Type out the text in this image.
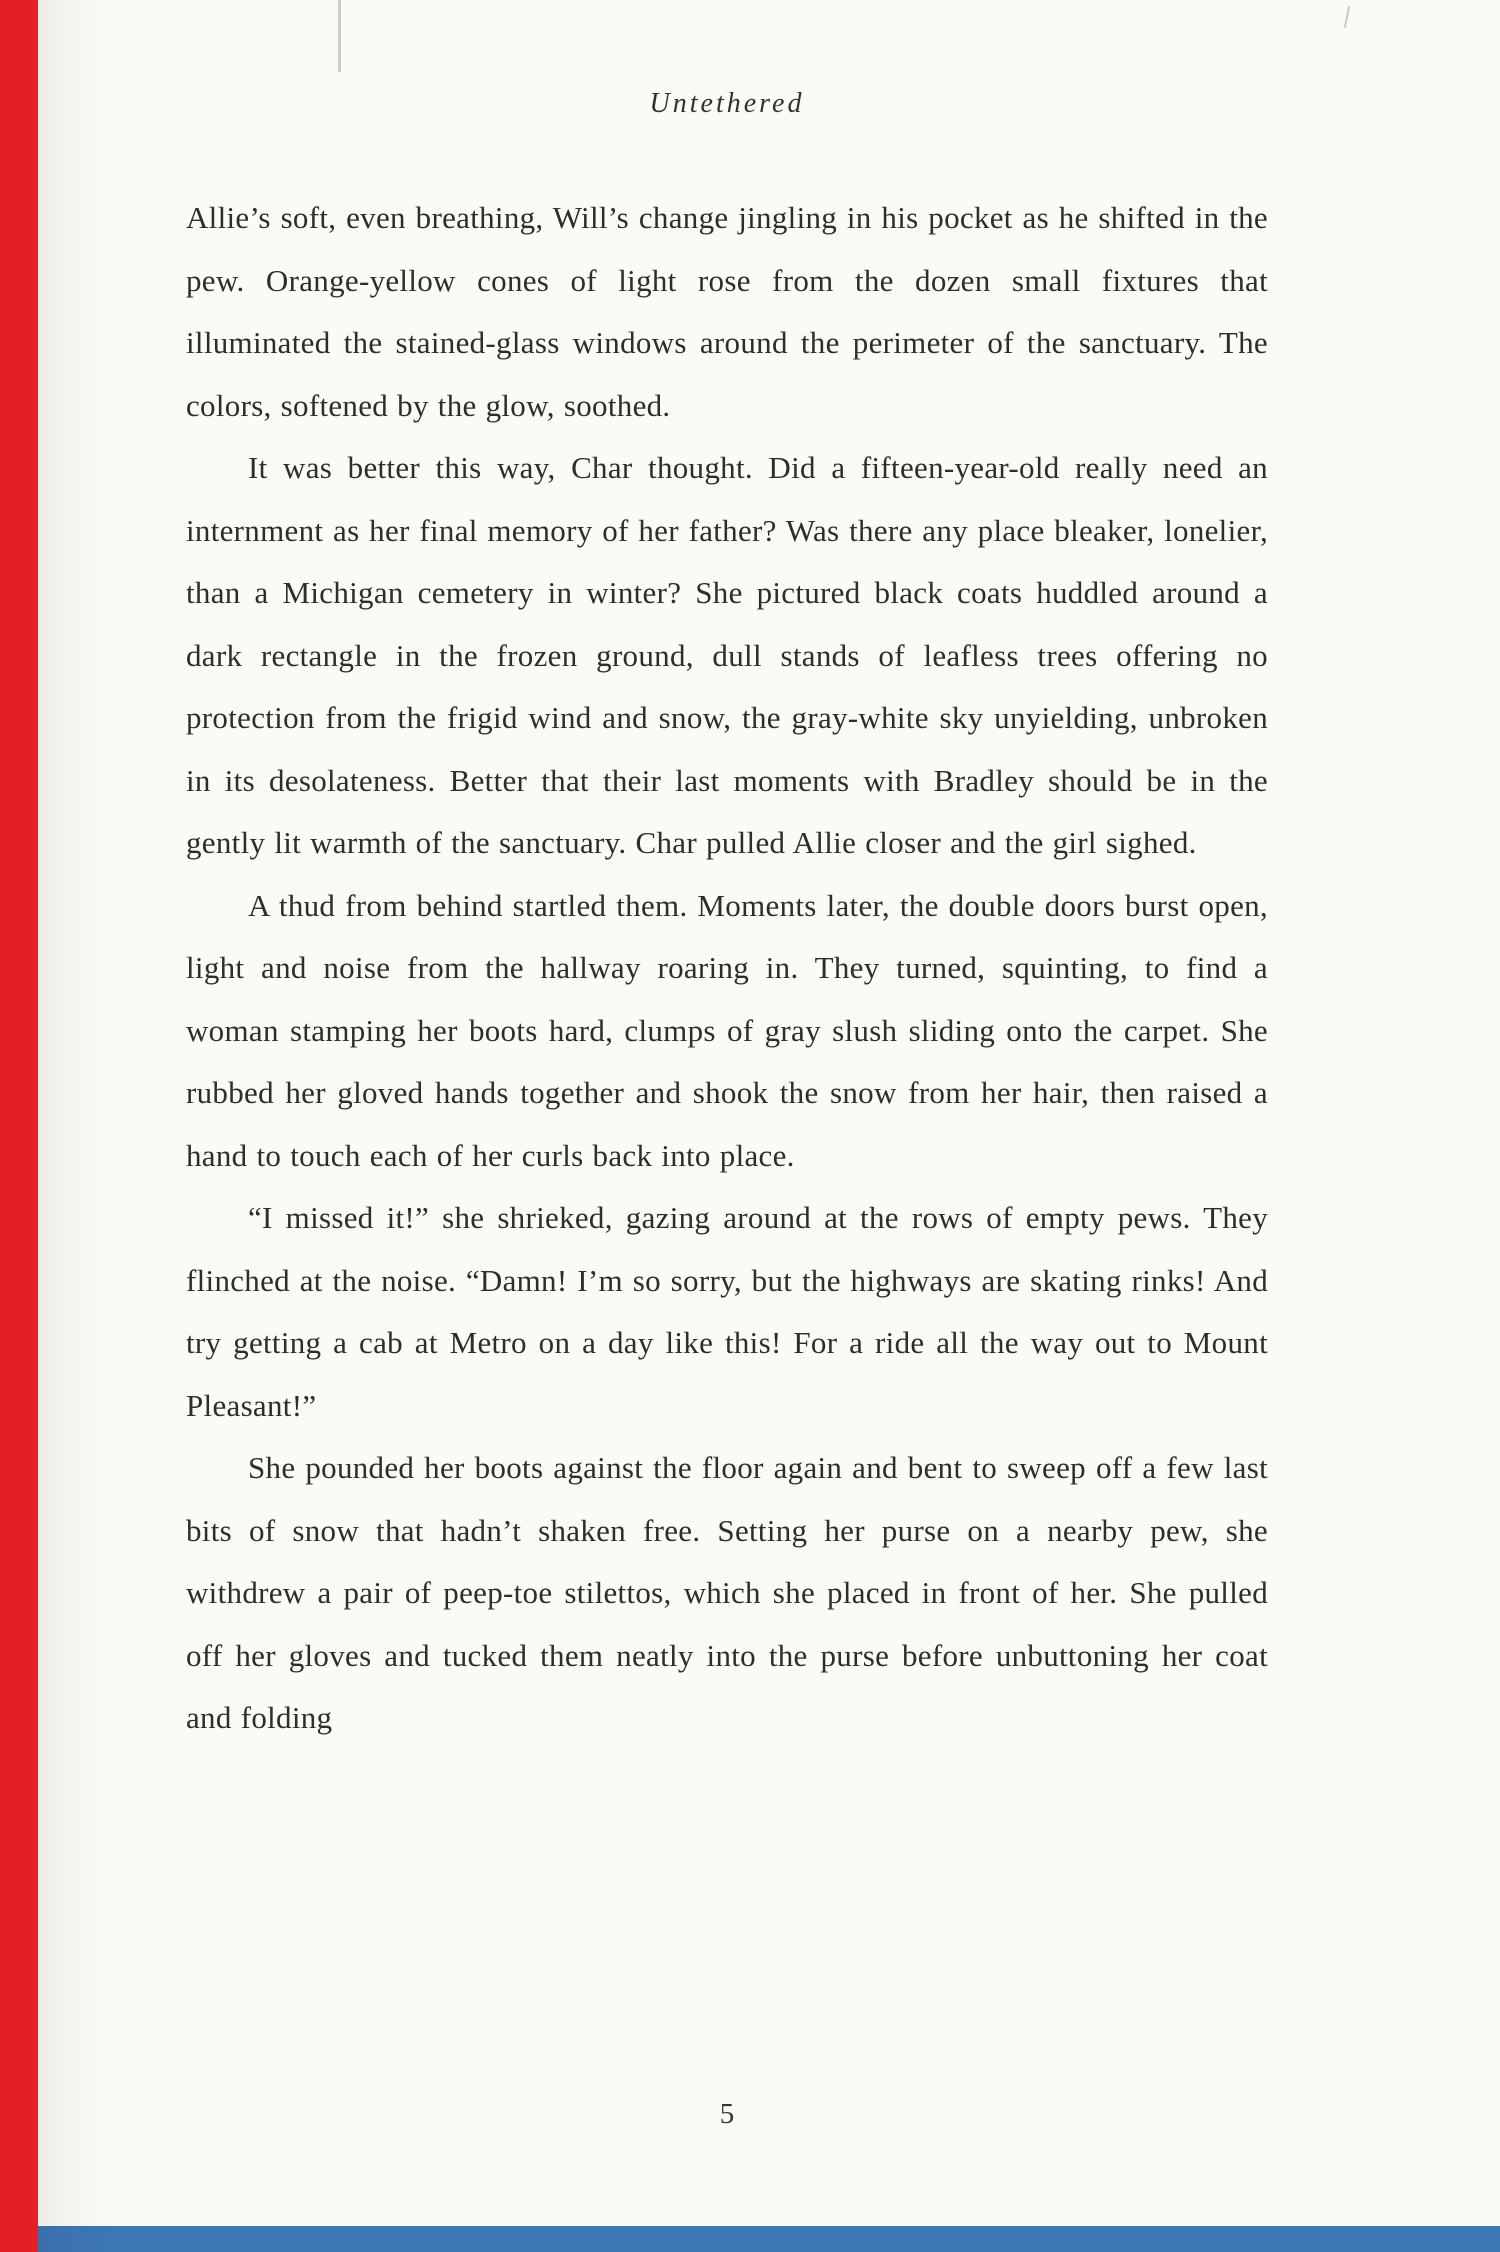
Untethered

Allie’s soft, even breathing, Will’s change jingling in his pocket as he shifted in the pew. Orange-yellow cones of light rose from the dozen small fixtures that illuminated the stained-glass windows around the perimeter of the sanctuary. The colors, softened by the glow, soothed.

It was better this way, Char thought. Did a fifteen-year-old really need an internment as her final memory of her father? Was there any place bleaker, lonelier, than a Michigan cemetery in winter? She pictured black coats huddled around a dark rectangle in the frozen ground, dull stands of leafless trees offering no protection from the frigid wind and snow, the gray-white sky unyielding, unbroken in its desolateness. Better that their last moments with Bradley should be in the gently lit warmth of the sanctuary. Char pulled Allie closer and the girl sighed.

A thud from behind startled them. Moments later, the double doors burst open, light and noise from the hallway roaring in. They turned, squinting, to find a woman stamping her boots hard, clumps of gray slush sliding onto the carpet. She rubbed her gloved hands together and shook the snow from her hair, then raised a hand to touch each of her curls back into place.

“I missed it!” she shrieked, gazing around at the rows of empty pews. They flinched at the noise. “Damn! I’m so sorry, but the highways are skating rinks! And try getting a cab at Metro on a day like this! For a ride all the way out to Mount Pleasant!”

She pounded her boots against the floor again and bent to sweep off a few last bits of snow that hadn’t shaken free. Setting her purse on a nearby pew, she withdrew a pair of peep-toe stilettos, which she placed in front of her. She pulled off her gloves and tucked them neatly into the purse before unbuttoning her coat and folding

5
